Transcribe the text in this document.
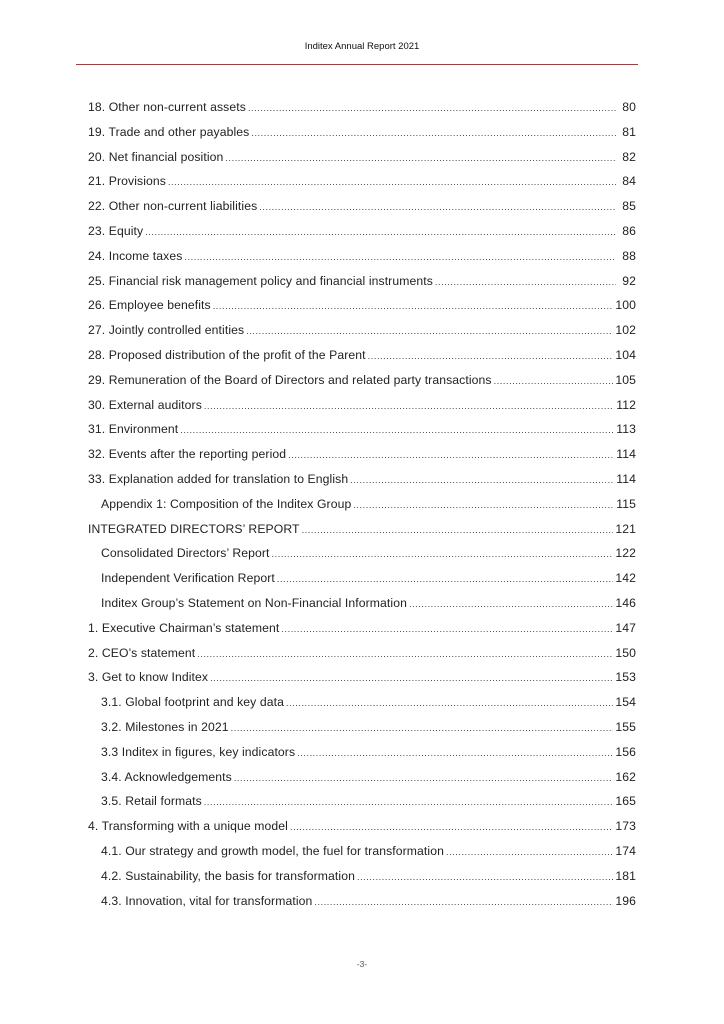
Inditex Annual Report 2021
18. Other non-current assets .....	80
19. Trade and other payables .....	81
20. Net financial position .....	82
21. Provisions .....	84
22. Other non-current liabilities .....	85
23. Equity .....	86
24. Income taxes .....	88
25. Financial risk management policy and financial instruments .....	92
26. Employee benefits .....	100
27. Jointly controlled entities .....	102
28. Proposed distribution of the profit of the Parent .....	104
29. Remuneration of the Board of Directors and related party transactions .....	105
30. External auditors .....	112
31. Environment .....	113
32. Events after the reporting period .....	114
33. Explanation added for translation to English .....	114
Appendix 1: Composition of the Inditex Group .....	115
INTEGRATED DIRECTORS’ REPORT .....	121
Consolidated Directors’ Report .....	122
Independent Verification Report .....	142
Inditex Group’s Statement on Non-Financial Information .....	146
1. Executive Chairman’s statement .....	147
2. CEO’s statement .....	150
3. Get to know Inditex .....	153
3.1. Global footprint and key data .....	154
3.2. Milestones in 2021 .....	155
3.3 Inditex in figures, key indicators .....	156
3.4. Acknowledgements .....	162
3.5. Retail formats .....	165
4. Transforming with a unique model .....	173
4.1. Our strategy and growth model, the fuel for transformation .....	174
4.2. Sustainability, the basis for transformation .....	181
4.3. Innovation, vital for transformation .....	196
-3-
